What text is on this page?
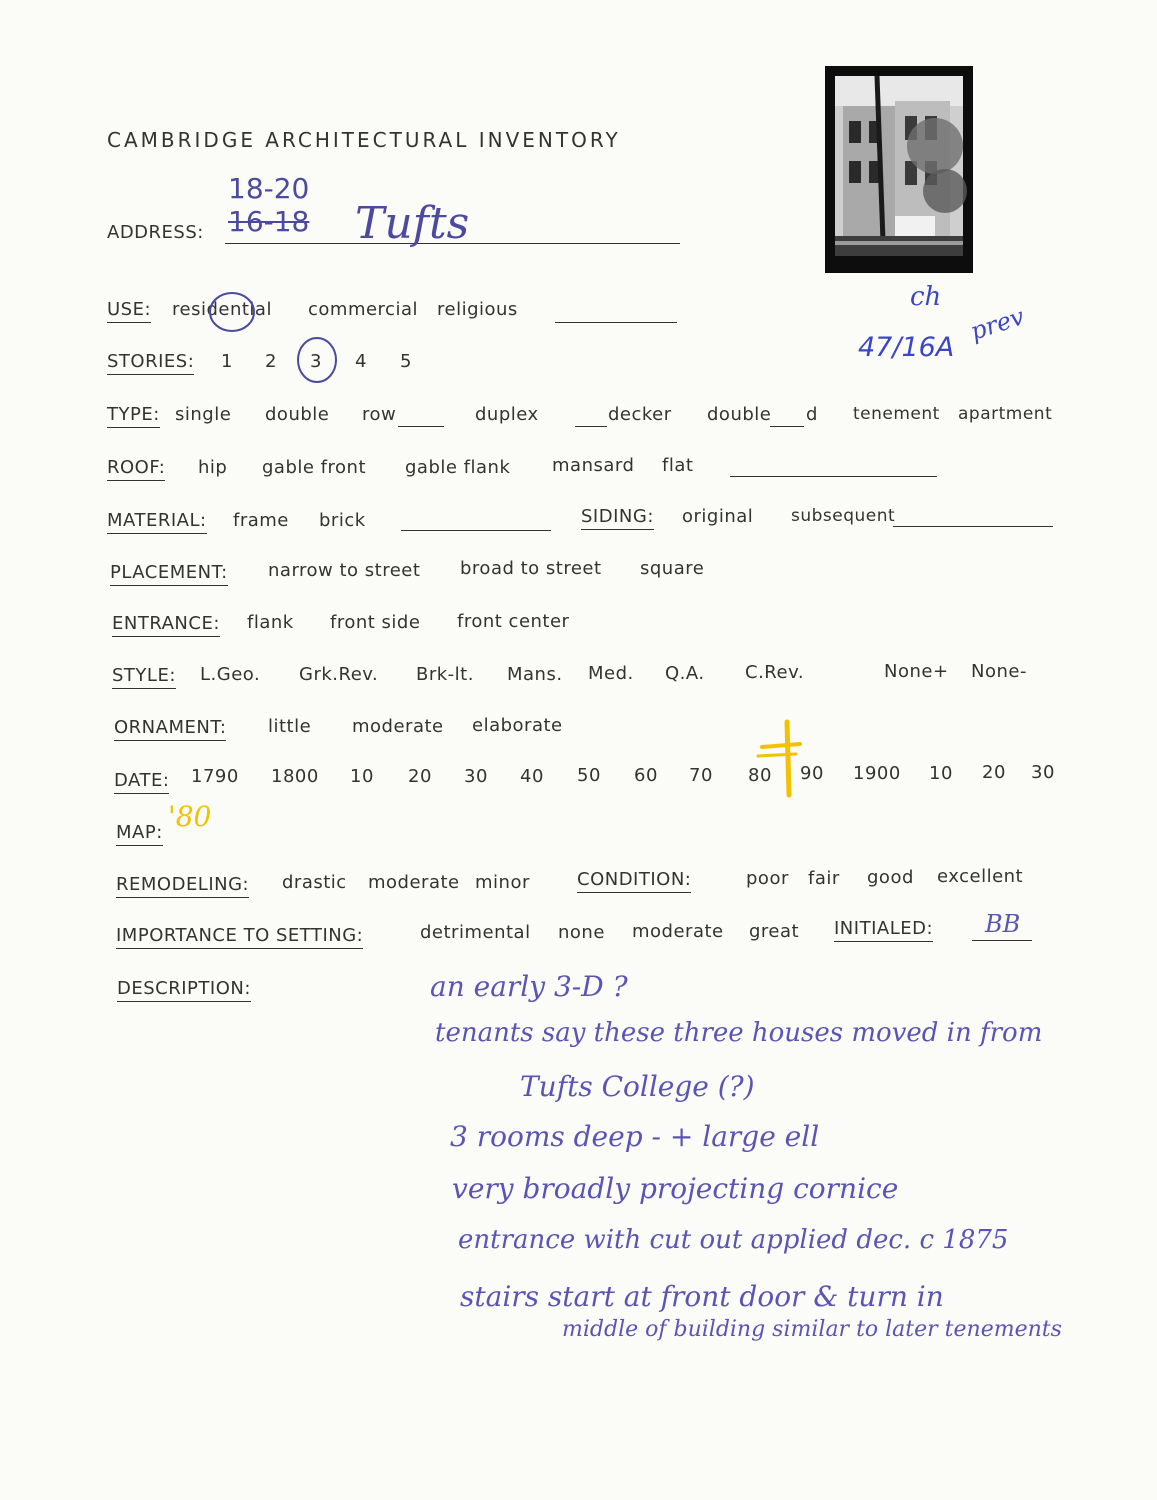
CAMBRIDGE ARCHITECTURAL INVENTORY
ADDRESS:
18-20
16-18 Tufts
ch
47/16A
prev
USE: residential commercial religious
STORIES: 1 2 3 4 5
TYPE: single double row	duplex	decker double d tenement apartment
ROOF: hip gable front gable flank mansard flat
MATERIAL: frame brick	SIDING: original subsequent
PLACEMENT: narrow to street broad to street square
ENTRANCE: flank front side front center
STYLE: L.Geo. Grk.Rev. Brk-lt. Mans. Med. Q.A. C.Rev.	None+ None-
ORNAMENT: little moderate elaborate
DATE: 1790 1800 10 20 30 40 50 60 70 80 90 1900 10 20 30
MAP: '80
REMODELING: drastic moderate minor	CONDITION:	poor fair good excellent
IMPORTANCE TO SETTING:	detrimental none moderate great INITIALED: BB
DESCRIPTION:	an early 3-D ?
tenants say these three houses moved in from
Tufts College (?)
3 rooms deep - + large ell
very broadly projecting cornice
entrance with cut out applied dec. c 1875
stairs start at front door & turn in
middle of building similar to later tenements
